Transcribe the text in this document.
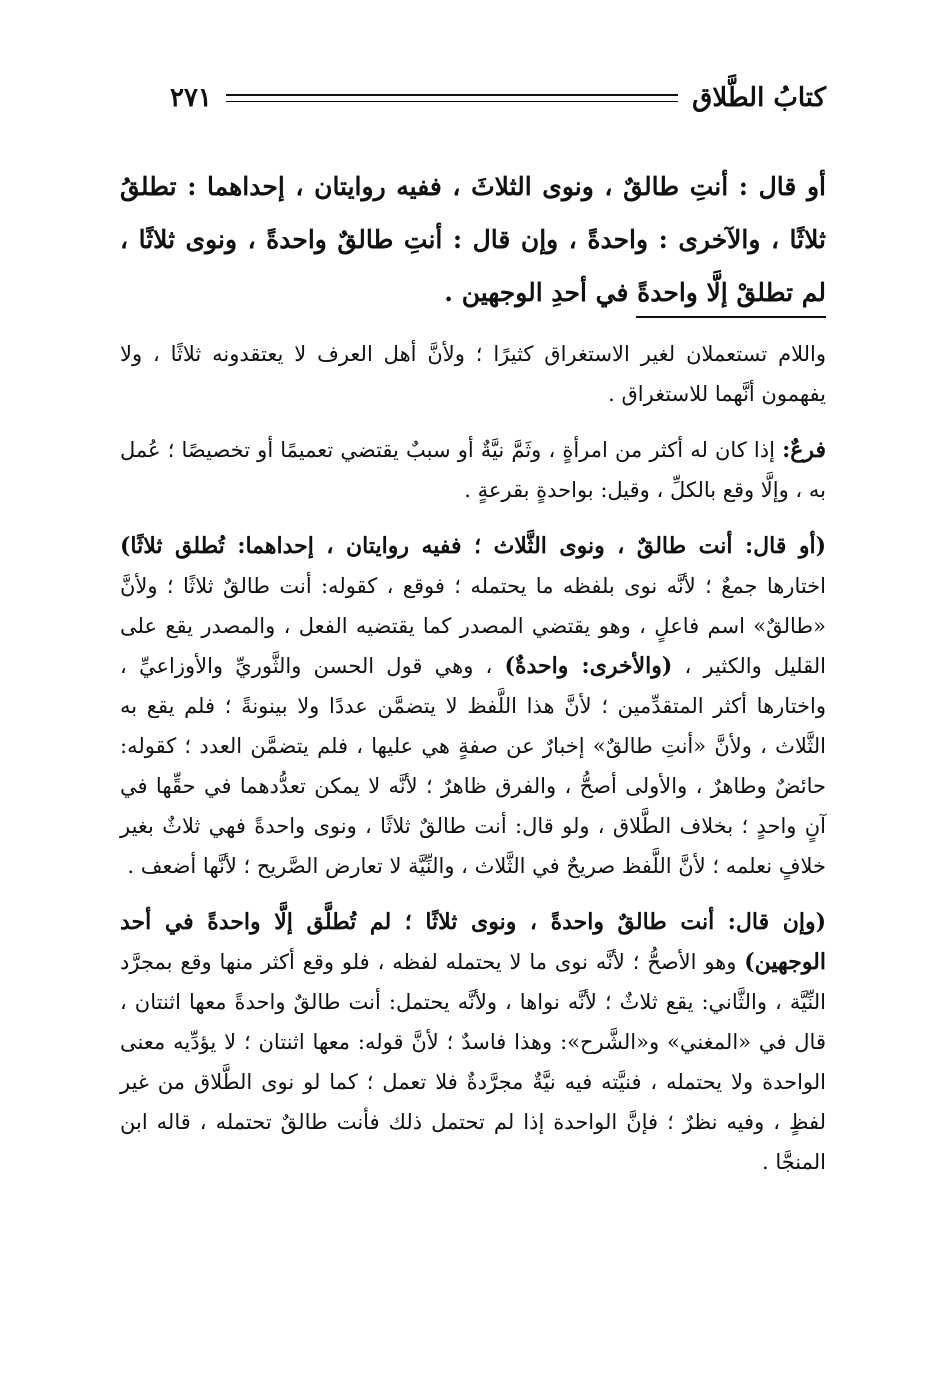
كتابُ الطَّلاق
٢٧١
أو قال : أنتِ طالقٌ ، ونوى الثلاثَ ، ففيه روايتان ، إحداهما : تطلقُ ثلاثًا ، والآخرى : واحدةً ، وإن قال : أنتِ طالقٌ واحدةً ، ونوى ثلاثًا ، لم تطلقْ إلَّا واحدةً في أحدِ الوجهين .

واللام تستعملان لغير الاستغراق كثيرًا ؛ ولأنَّ أهل العرف لا يعتقدونه ثلاثًا ، ولا يفهمون أنَّهما للاستغراق .

فرعٌ: إذا كان له أكثر من امرأةٍ ، وثَمَّ نيَّةٌ أو سببٌ يقتضي تعميمًا أو تخصيصًا ؛ عُمل به ، وإلَّا وقع بالكلِّ ، وقيل: بواحدةٍ بقرعةٍ .

(أو قال: أنت طالقٌ ، ونوى الثَّلاث ؛ ففيه روايتان ، إحداهما: تُطلق ثلاثًا) اختارها جمعٌ ؛ لأنَّه نوى بلفظه ما يحتمله ؛ فوقع ، كقوله: أنت طالقٌ ثلاثًا ؛ ولأنَّ «طالقٌ» اسم فاعلٍ ، وهو يقتضي المصدر كما يقتضيه الفعل ، والمصدر يقع على القليل والكثير ، (والأخرى: واحدةٌ) ، وهي قول الحسن والثَّوريِّ والأوزاعيِّ ، واختارها أكثر المتقدِّمين ؛ لأنَّ هذا اللَّفظ لا يتضمَّن عددًا ولا بينونةً ؛ فلم يقع به الثَّلاث ، ولأنَّ «أنتِ طالقٌ» إخبارٌ عن صفةٍ هي عليها ، فلم يتضمَّن العدد ؛ كقوله: حائضٌ وطاهرٌ ، والأولى أصحُّ ، والفرق ظاهرٌ ؛ لأنَّه لا يمكن تعدُّدهما في حقِّها في آنٍ واحدٍ ؛ بخلاف الطَّلاق ، ولو قال: أنت طالقٌ ثلاثًا ، ونوى واحدةً فهي ثلاثٌ بغير خلافٍ نعلمه ؛ لأنَّ اللَّفظ صريحٌ في الثَّلاث ، والنِّيَّة لا تعارض الصَّريح ؛ لأنَّها أضعف .

(وإن قال: أنت طالقٌ واحدةً ، ونوى ثلاثًا ؛ لم تُطلَّق إلَّا واحدةً في أحد الوجهين) وهو الأصحُّ ؛ لأنَّه نوى ما لا يحتمله لفظه ، فلو وقع أكثر منها وقع بمجرَّد النِّيَّة ، والثَّاني: يقع ثلاثٌ ؛ لأنَّه نواها ، ولأنَّه يحتمل: أنت طالقٌ واحدةً معها اثنتان ، قال في «المغني» و«الشَّرح»: وهذا فاسدٌ ؛ لأنَّ قوله: معها اثنتان ؛ لا يؤدِّيه معنى الواحدة ولا يحتمله ، فنيَّته فيه نيَّةٌ مجرَّدةٌ فلا تعمل ؛ كما لو نوى الطَّلاق من غير لفظٍ ، وفيه نظرٌ ؛ فإنَّ الواحدة إذا لم تحتمل ذلك فأنت طالقٌ تحتمله ، قاله ابن المنجَّا .
